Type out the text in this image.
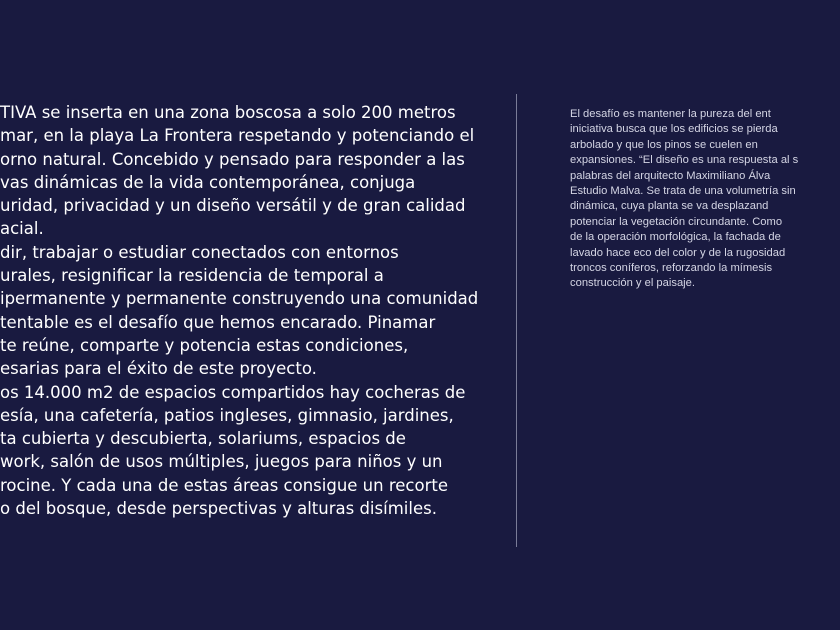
TIVA se inserta en una zona boscosa a solo 200 metros
mar, en la playa La Frontera respetando y potenciando el
orno natural. Concebido y pensado para responder a las
vas dinámicas de la vida contemporánea, conjuga
uridad, privacidad y un diseño versátil y de gran calidad
acial.
dir, trabajar o estudiar conectados con entornos
urales, resignificar la residencia de temporal a
ipermanente y permanente construyendo una comunidad
tentable es el desafío que hemos encarado. Pinamar
te reúne, comparte y potencia estas condiciones,
esarias para el éxito de este proyecto.
os 14.000 m2 de espacios compartidos hay cocheras de
esía, una cafetería, patios ingleses, gimnasio, jardines,
ta cubierta y descubierta, solariums, espacios de
work, salón de usos múltiples, juegos para niños y un
rocine. Y cada una de estas áreas consigue un recorte
o del bosque, desde perspectivas y alturas disímiles.
El desafío es mantener la pureza del ent
iniciativa busca que los edificios se pierda
arbolado y que los pinos se cuelen en
expansiones. “El diseño es una respuesta al s
palabras del arquitecto Maximiliano Álva
Estudio Malva. Se trata de una volumetría sin
dinámica, cuya planta se va desplazand
potenciar la vegetación circundante. Como
de la operación morfológica, la fachada de
lavado hace eco del color y de la rugosidad
troncos coníferos, reforzando la mímesis
construcción y el paisaje.
